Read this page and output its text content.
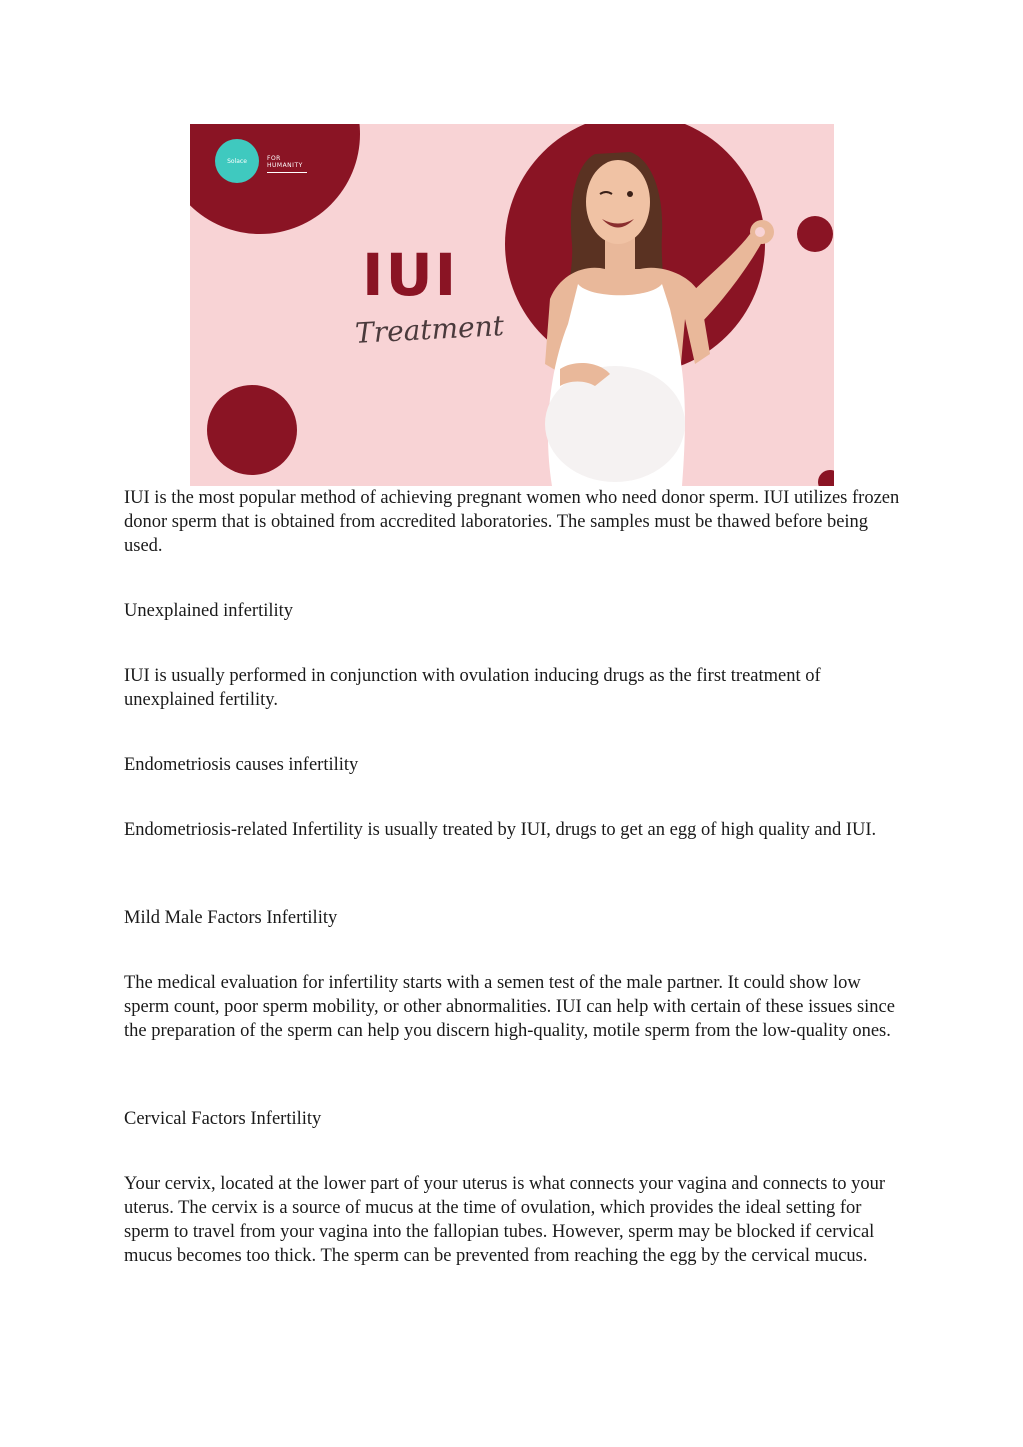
Solace	FOR HUMANITY
IUI
Treatment

IUI is the most popular method of achieving pregnant women who need donor sperm. IUI utilizes frozen donor sperm that is obtained from accredited laboratories. The samples must be thawed before being used.

Unexplained infertility

IUI is usually performed in conjunction with ovulation inducing drugs as the first treatment of unexplained fertility.

Endometriosis causes infertility

Endometriosis-related Infertility is usually treated by IUI, drugs to get an egg of high quality and IUI.

Mild Male Factors Infertility

The medical evaluation for infertility starts with a semen test of the male partner. It could show low sperm count, poor sperm mobility, or other abnormalities. IUI can help with certain of these issues since the preparation of the sperm can help you discern high-quality, motile sperm from the low-quality ones.

Cervical Factors Infertility

Your cervix, located at the lower part of your uterus is what connects your vagina and connects to your uterus. The cervix is a source of mucus at the time of ovulation, which provides the ideal setting for sperm to travel from your vagina into the fallopian tubes. However, sperm may be blocked if cervical mucus becomes too thick. The sperm can be prevented from reaching the egg by the cervical mucus.
